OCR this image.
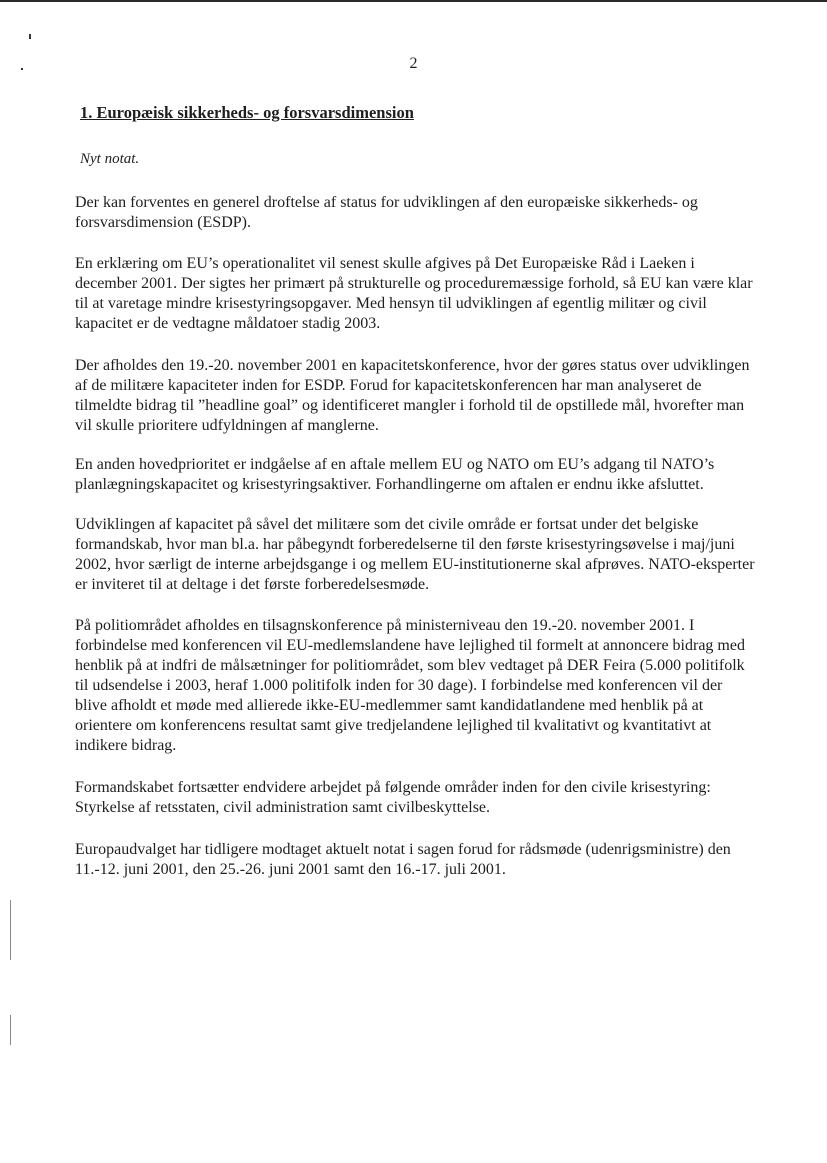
2
1. Europæisk sikkerheds- og forsvarsdimension
Nyt notat.

Der kan forventes en generel droftelse af status for udviklingen af den europæiske sikkerheds- og forsvarsdimension (ESDP).

En erklæring om EU’s operationalitet vil senest skulle afgives på Det Europæiske Råd i Laeken i december 2001. Der sigtes her primært på strukturelle og proceduremæssige forhold, så EU kan være klar til at varetage mindre krisestyringsopgaver. Med hensyn til udviklingen af egentlig militær og civil kapacitet er de vedtagne måldatoer stadig 2003.

Der afholdes den 19.-20. november 2001 en kapacitetskonference, hvor der gøres status over udviklingen af de militære kapaciteter inden for ESDP. Forud for kapacitetskonferencen har man analyseret de tilmeldte bidrag til ”headline goal” og identificeret mangler i forhold til de opstillede mål, hvorefter man vil skulle prioritere udfyldningen af manglerne.

En anden hovedprioritet er indgåelse af en aftale mellem EU og NATO om EU’s adgang til NATO’s planlægningskapacitet og krisestyringsaktiver. Forhandlingerne om aftalen er endnu ikke afsluttet.

Udviklingen af kapacitet på såvel det militære som det civile område er fortsat under det belgiske formandskab, hvor man bl.a. har påbegyndt forberedelserne til den første krisestyringsøvelse i maj/juni 2002, hvor særligt de interne arbejdsgange i og mellem EU-institutionerne skal afprøves. NATO-eksperter er inviteret til at deltage i det første forberedelsesmøde.

På politiområdet afholdes en tilsagnskonference på ministerniveau den 19.-20. november 2001. I forbindelse med konferencen vil EU-medlemslandene have lejlighed til formelt at annoncere bidrag med henblik på at indfri de målsætninger for politiområdet, som blev vedtaget på DER Feira (5.000 politifolk til udsendelse i 2003, heraf 1.000 politifolk inden for 30 dage). I forbindelse med konferencen vil der blive afholdt et møde med allierede ikke-EU-medlemmer samt kandidatlandene med henblik på at orientere om konferencens resultat samt give tredjelandene lejlighed til kvalitativt og kvantitativt at indikere bidrag.

Formandskabet fortsætter endvidere arbejdet på følgende områder inden for den civile krisestyring: Styrkelse af retsstaten, civil administration samt civilbeskyttelse.

Europaudvalget har tidligere modtaget aktuelt notat i sagen forud for rådsmøde (udenrigsministre) den 11.-12. juni 2001, den 25.-26. juni 2001 samt den 16.-17. juli 2001.
